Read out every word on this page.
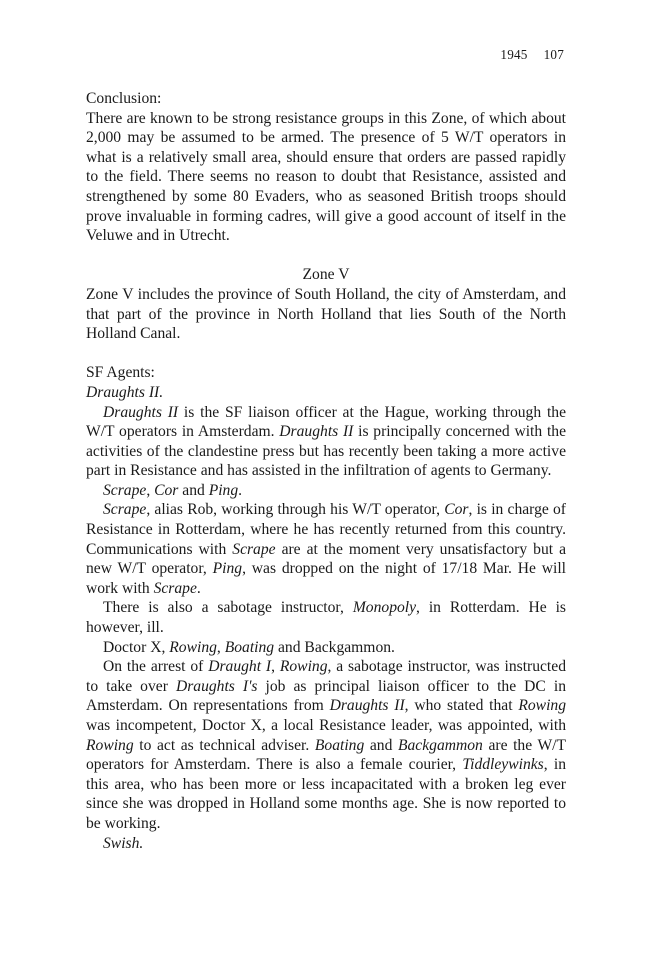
1945 107

Conclusion:

There are known to be strong resistance groups in this Zone, of which about 2,000 may be assumed to be armed. The presence of 5 W/T operators in what is a relatively small area, should ensure that orders are passed rapidly to the field. There seems no reason to doubt that Resistance, assisted and strengthened by some 80 Evaders, who as seasoned British troops should prove invaluable in forming cadres, will give a good account of itself in the Veluwe and in Utrecht.

Zone V

Zone V includes the province of South Holland, the city of Amsterdam, and that part of the province in North Holland that lies South of the North Holland Canal.

SF Agents:

Draughts II.

Draughts II is the SF liaison officer at the Hague, working through the W/T operators in Amsterdam. Draughts II is principally concerned with the activities of the clandestine press but has recently been taking a more active part in Resistance and has assisted in the infiltration of agents to Germany.

Scrape, Cor and Ping.

Scrape, alias Rob, working through his W/T operator, Cor, is in charge of Resistance in Rotterdam, where he has recently returned from this country. Communications with Scrape are at the moment very unsatisfactory but a new W/T operator, Ping, was dropped on the night of 17/18 Mar. He will work with Scrape.

There is also a sabotage instructor, Monopoly, in Rotterdam. He is however, ill.

Doctor X, Rowing, Boating and Backgammon.

On the arrest of Draught I, Rowing, a sabotage instructor, was instructed to take over Draughts I's job as principal liaison officer to the DC in Amsterdam. On representations from Draughts II, who stated that Rowing was incompetent, Doctor X, a local Resistance leader, was appointed, with Rowing to act as technical adviser. Boating and Backgammon are the W/T operators for Amsterdam. There is also a female courier, Tiddleywinks, in this area, who has been more or less incapacitated with a broken leg ever since she was dropped in Holland some months age. She is now reported to be working.

Swish.
